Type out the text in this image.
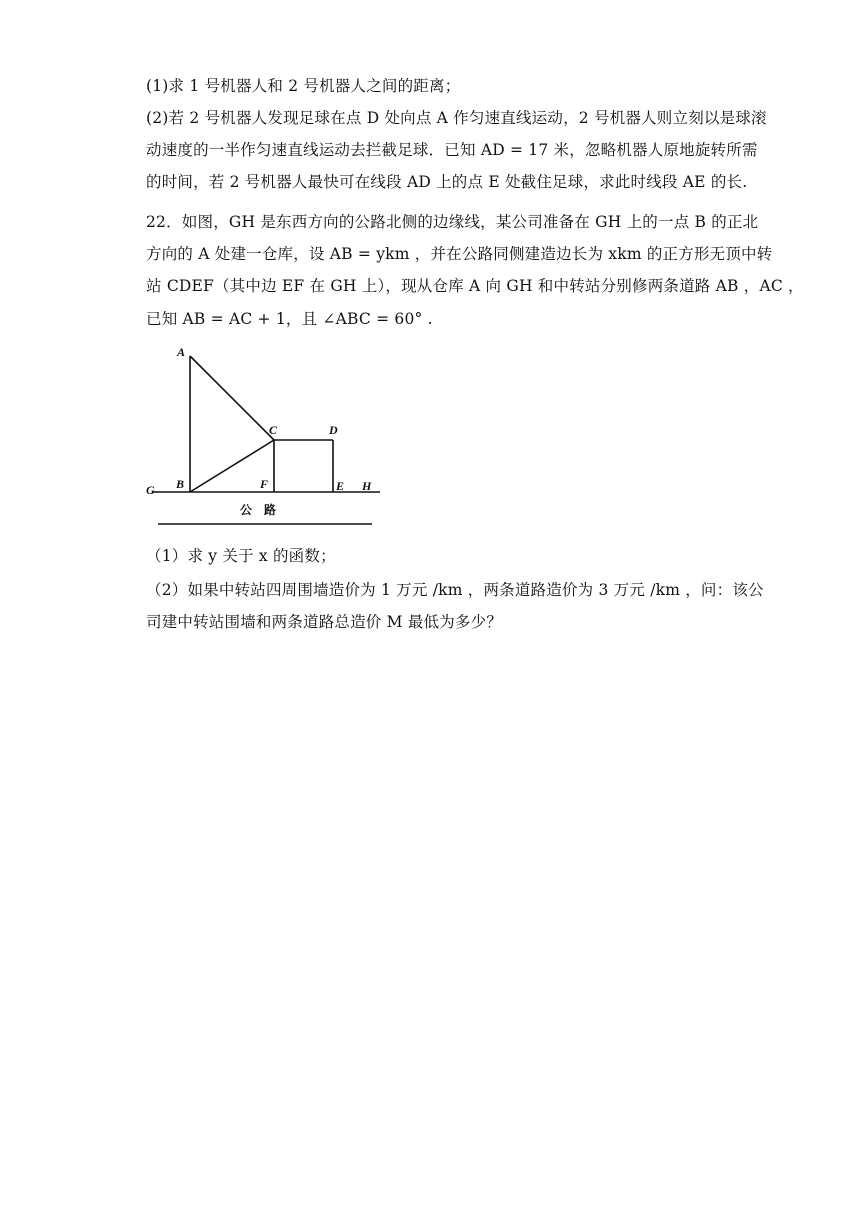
(1)求 1 号机器人和 2 号机器人之间的距离；
(2)若 2 号机器人发现足球在点 D 处向点 A 作匀速直线运动，2 号机器人则立刻以是球滚
动速度的一半作匀速直线运动去拦截足球．已知 AD = 17 米，忽略机器人原地旋转所需
的时间，若 2 号机器人最快可在线段 AD 上的点 E 处截住足球，求此时线段 AE 的长.
22．如图，GH 是东西方向的公路北侧的边缘线，某公司准备在 GH 上的一点 B 的正北
方向的 A 处建一仓库，设 AB = ykm ，并在公路同侧建造边长为 xkm 的正方形无顶中转
站 CDEF（其中边 EF 在 GH 上），现从仓库 A 向 GH 和中转站分别修两条道路 AB ，AC ，
已知 AB = AC + 1，且 ∠ABC = 60° .
A
B
C	D
E
F
G	H
公    路
（1）求 y 关于 x 的函数；
（2）如果中转站四周围墙造价为 1 万元 /km ，两条道路造价为 3 万元 /km ，问：该公
司建中转站围墙和两条道路总造价 M 最低为多少？
